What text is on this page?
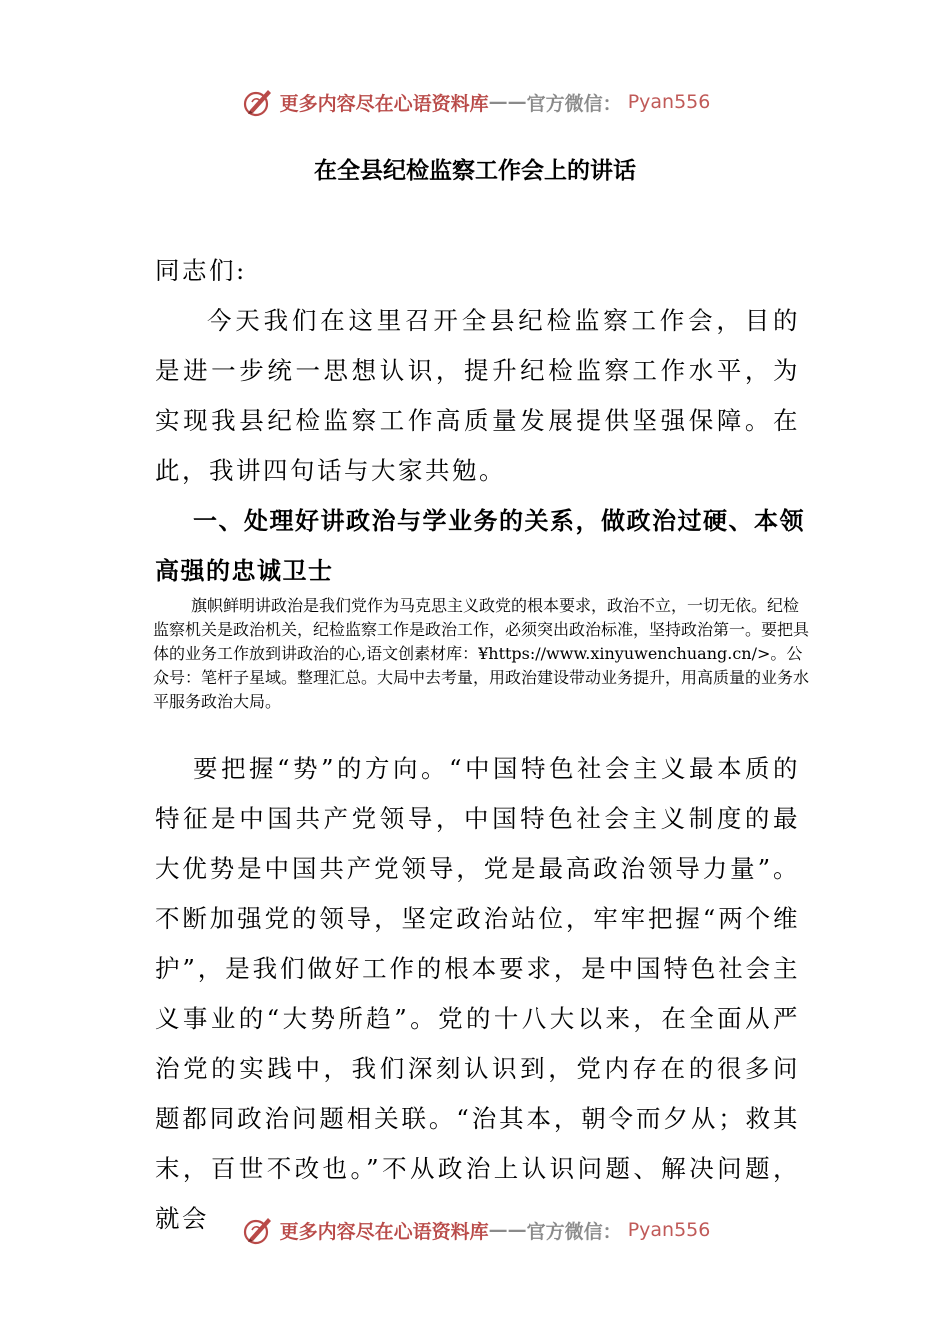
更多内容尽在心语资料库 —— 官方微信： Pyan556
在全县纪检监察工作会上的讲话
同志们:
今天我们在这里召开全县纪检监察工作会，目的是进一步统一思想认识，提升纪检监察工作水平，为实现我县纪检监察工作高质量发展提供坚强保障。在此，我讲四句话与大家共勉。
一、处理好讲政治与学业务的关系，做政治过硬、本领高强的忠诚卫士
旗帜鲜明讲政治是我们党作为马克思主义政党的根本要求，政治不立，一切无依。纪检监察机关是政治机关，纪检监察工作是政治工作，必须突出政治标准，坚持政治第一。要把具体的业务工作放到讲政治的心,语文创素材库：¥https://www.xinyuwenchuang.cn/>。公众号：笔杆子星域。整理汇总。大局中去考量，用政治建设带动业务提升，用高质量的业务水平服务政治大局。
要把握“势”的方向。“中国特色社会主义最本质的特征是中国共产党领导，中国特色社会主义制度的最大优势是中国共产党领导，党是最高政治领导力量”。不断加强党的领导，坚定政治站位，牢牢把握“两个维护”，是我们做好工作的根本要求，是中国特色社会主义事业的“大势所趋”。党的十八大以来，在全面从严治党的实践中，我们深刻认识到，党内存在的很多问题都同政治问题相关联。“治其本，朝令而夕从；救其末，百世不改也。”不从政治上认识问题、解决问题，就会	更多内容尽在心语资料库 —— 官方微信： Pyan556
